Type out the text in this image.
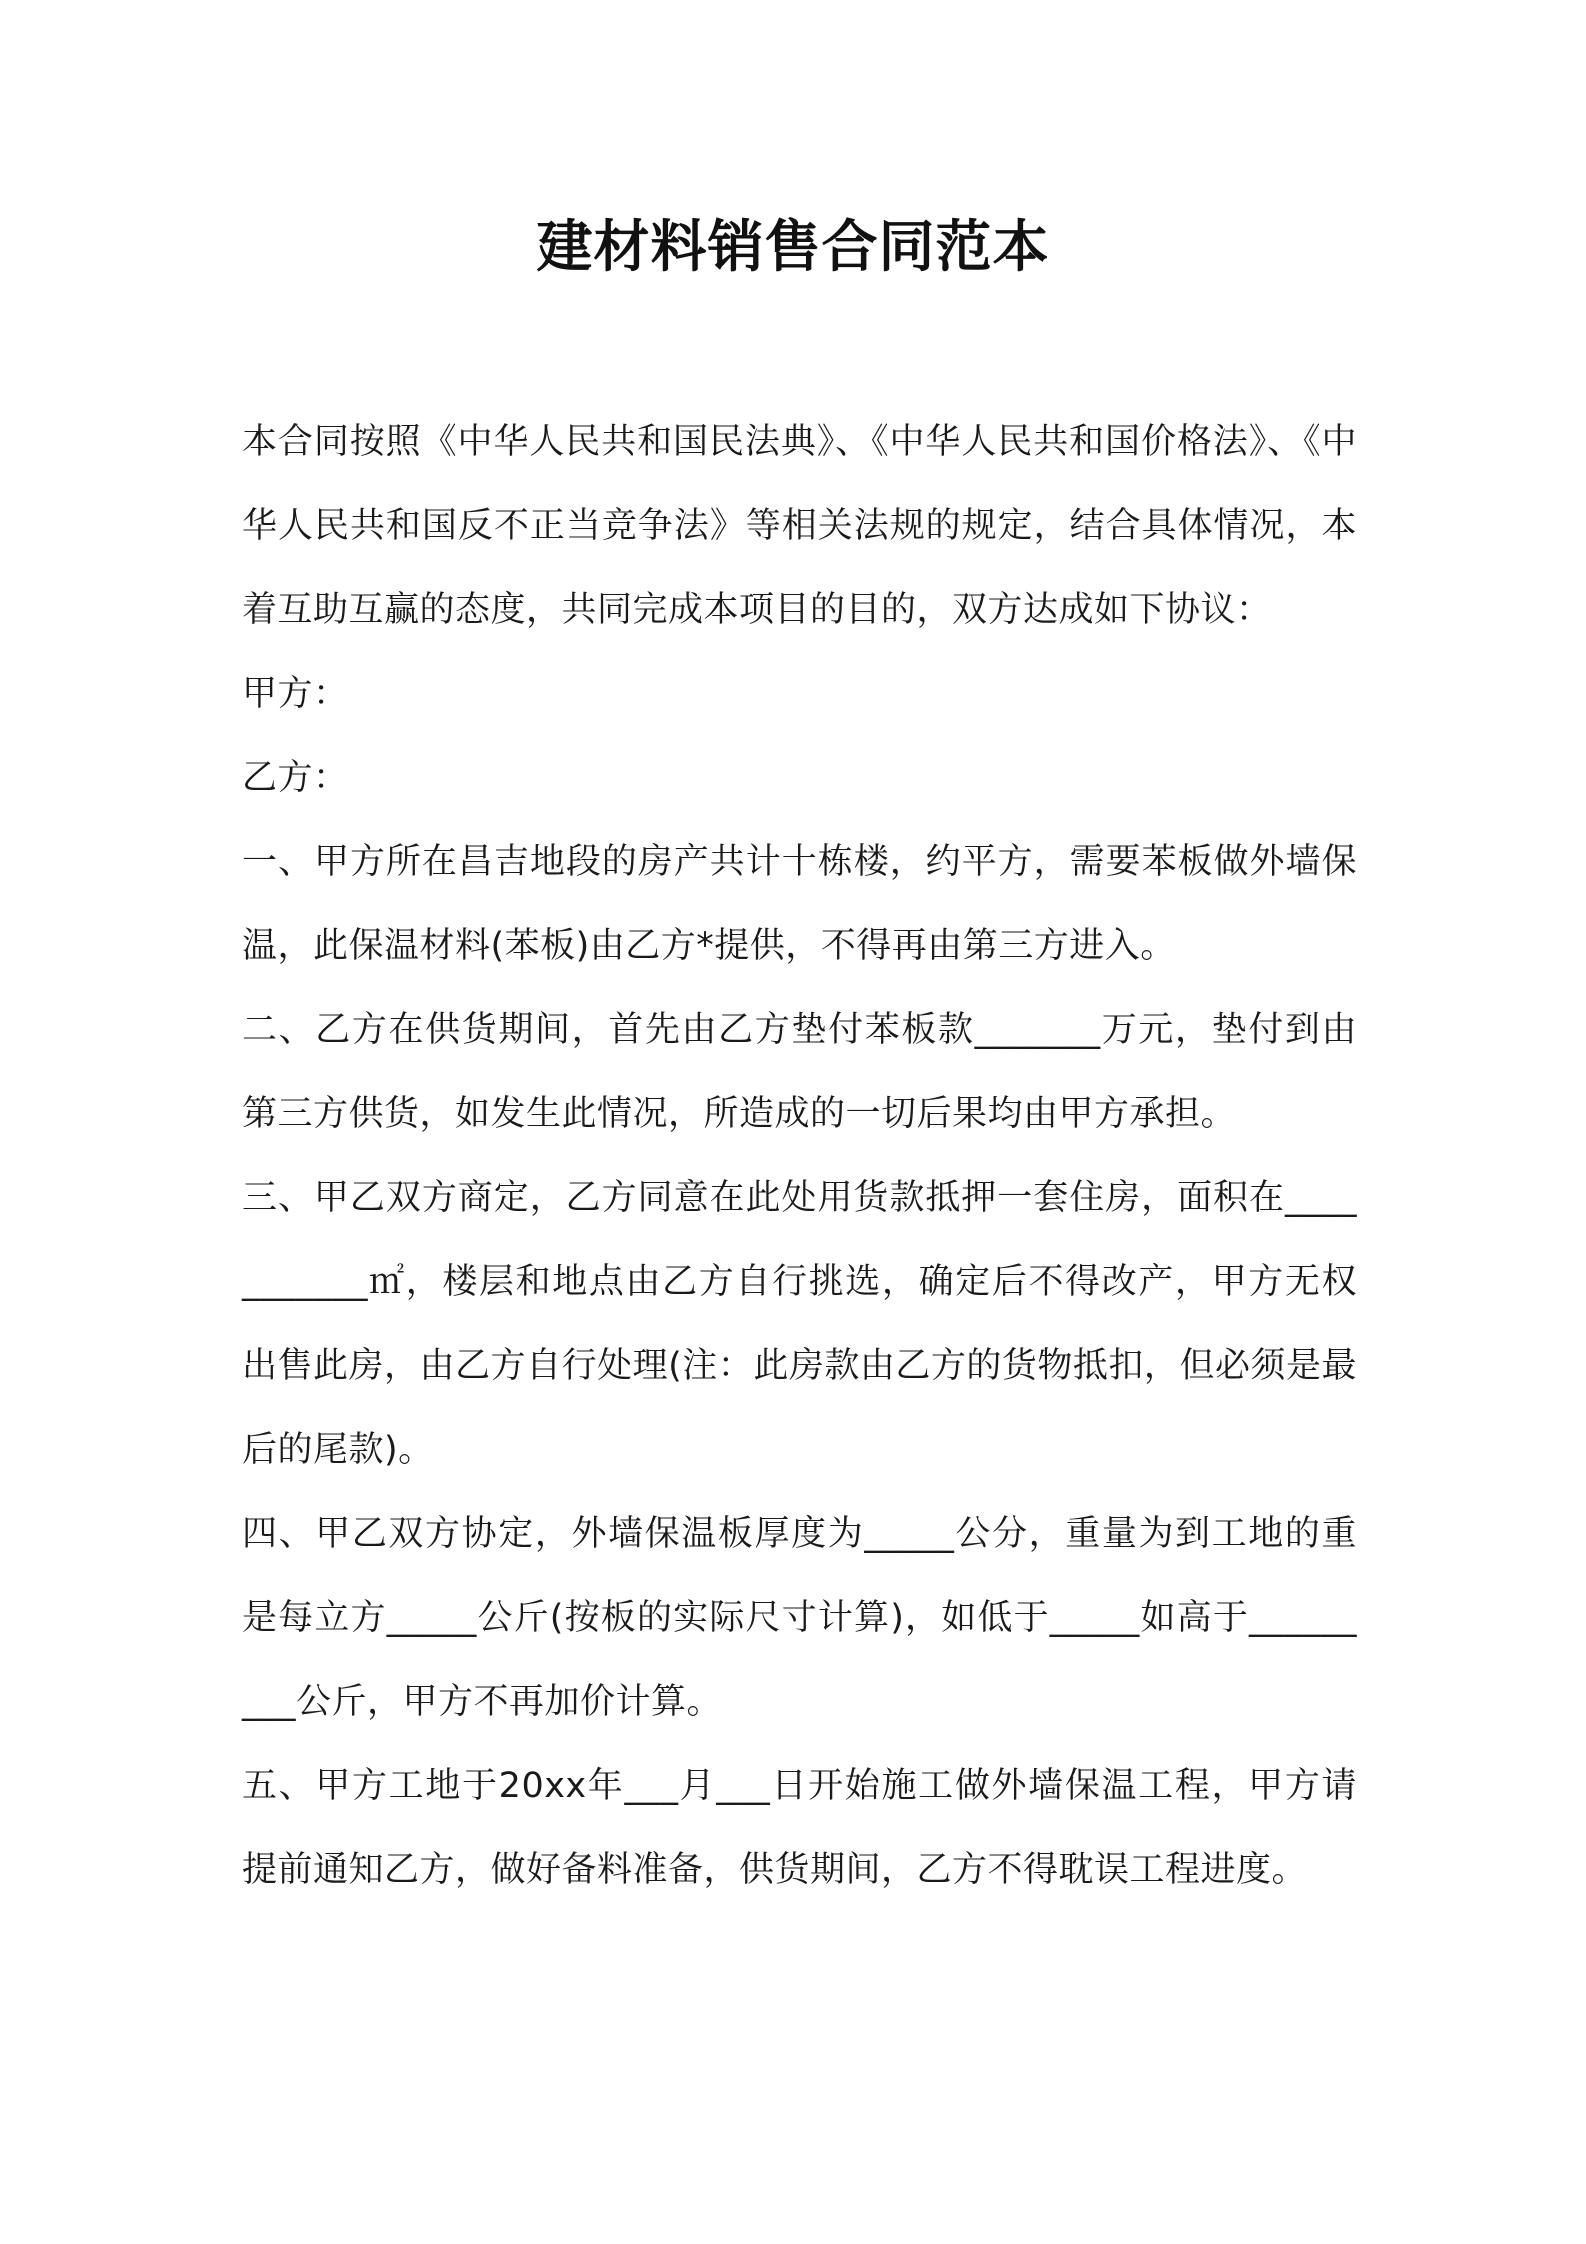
建材料销售合同范本

本合同按照《中华人民共和国民法典》、《中华人民共和国价格法》、《中华人民共和国反不正当竞争法》等相关法规的规定，结合具体情况，本着互助互赢的态度，共同完成本项目的目的，双方达成如下协议：

甲方：

乙方：

一、甲方所在昌吉地段的房产共计十栋楼，约平方，需要苯板做外墙保温，此保温材料(苯板)由乙方*提供，不得再由第三方进入。

二、乙方在供货期间，首先由乙方垫付苯板款_______万元，垫付到由第三方供货，如发生此情况，所造成的一切后果均由甲方承担。

三、甲乙双方商定，乙方同意在此处用货款抵押一套住房，面积在___________㎡，楼层和地点由乙方自行挑选，确定后不得改产，甲方无权出售此房，由乙方自行处理(注：此房款由乙方的货物抵扣，但必须是最后的尾款)。

四、甲乙双方协定，外墙保温板厚度为_____公分，重量为到工地的重是每立方_____公斤(按板的实际尺寸计算)，如低于_____如高于_________公斤，甲方不再加价计算。

五、甲方工地于20xx年___月___日开始施工做外墙保温工程，甲方请提前通知乙方，做好备料准备，供货期间，乙方不得耽误工程进度。
